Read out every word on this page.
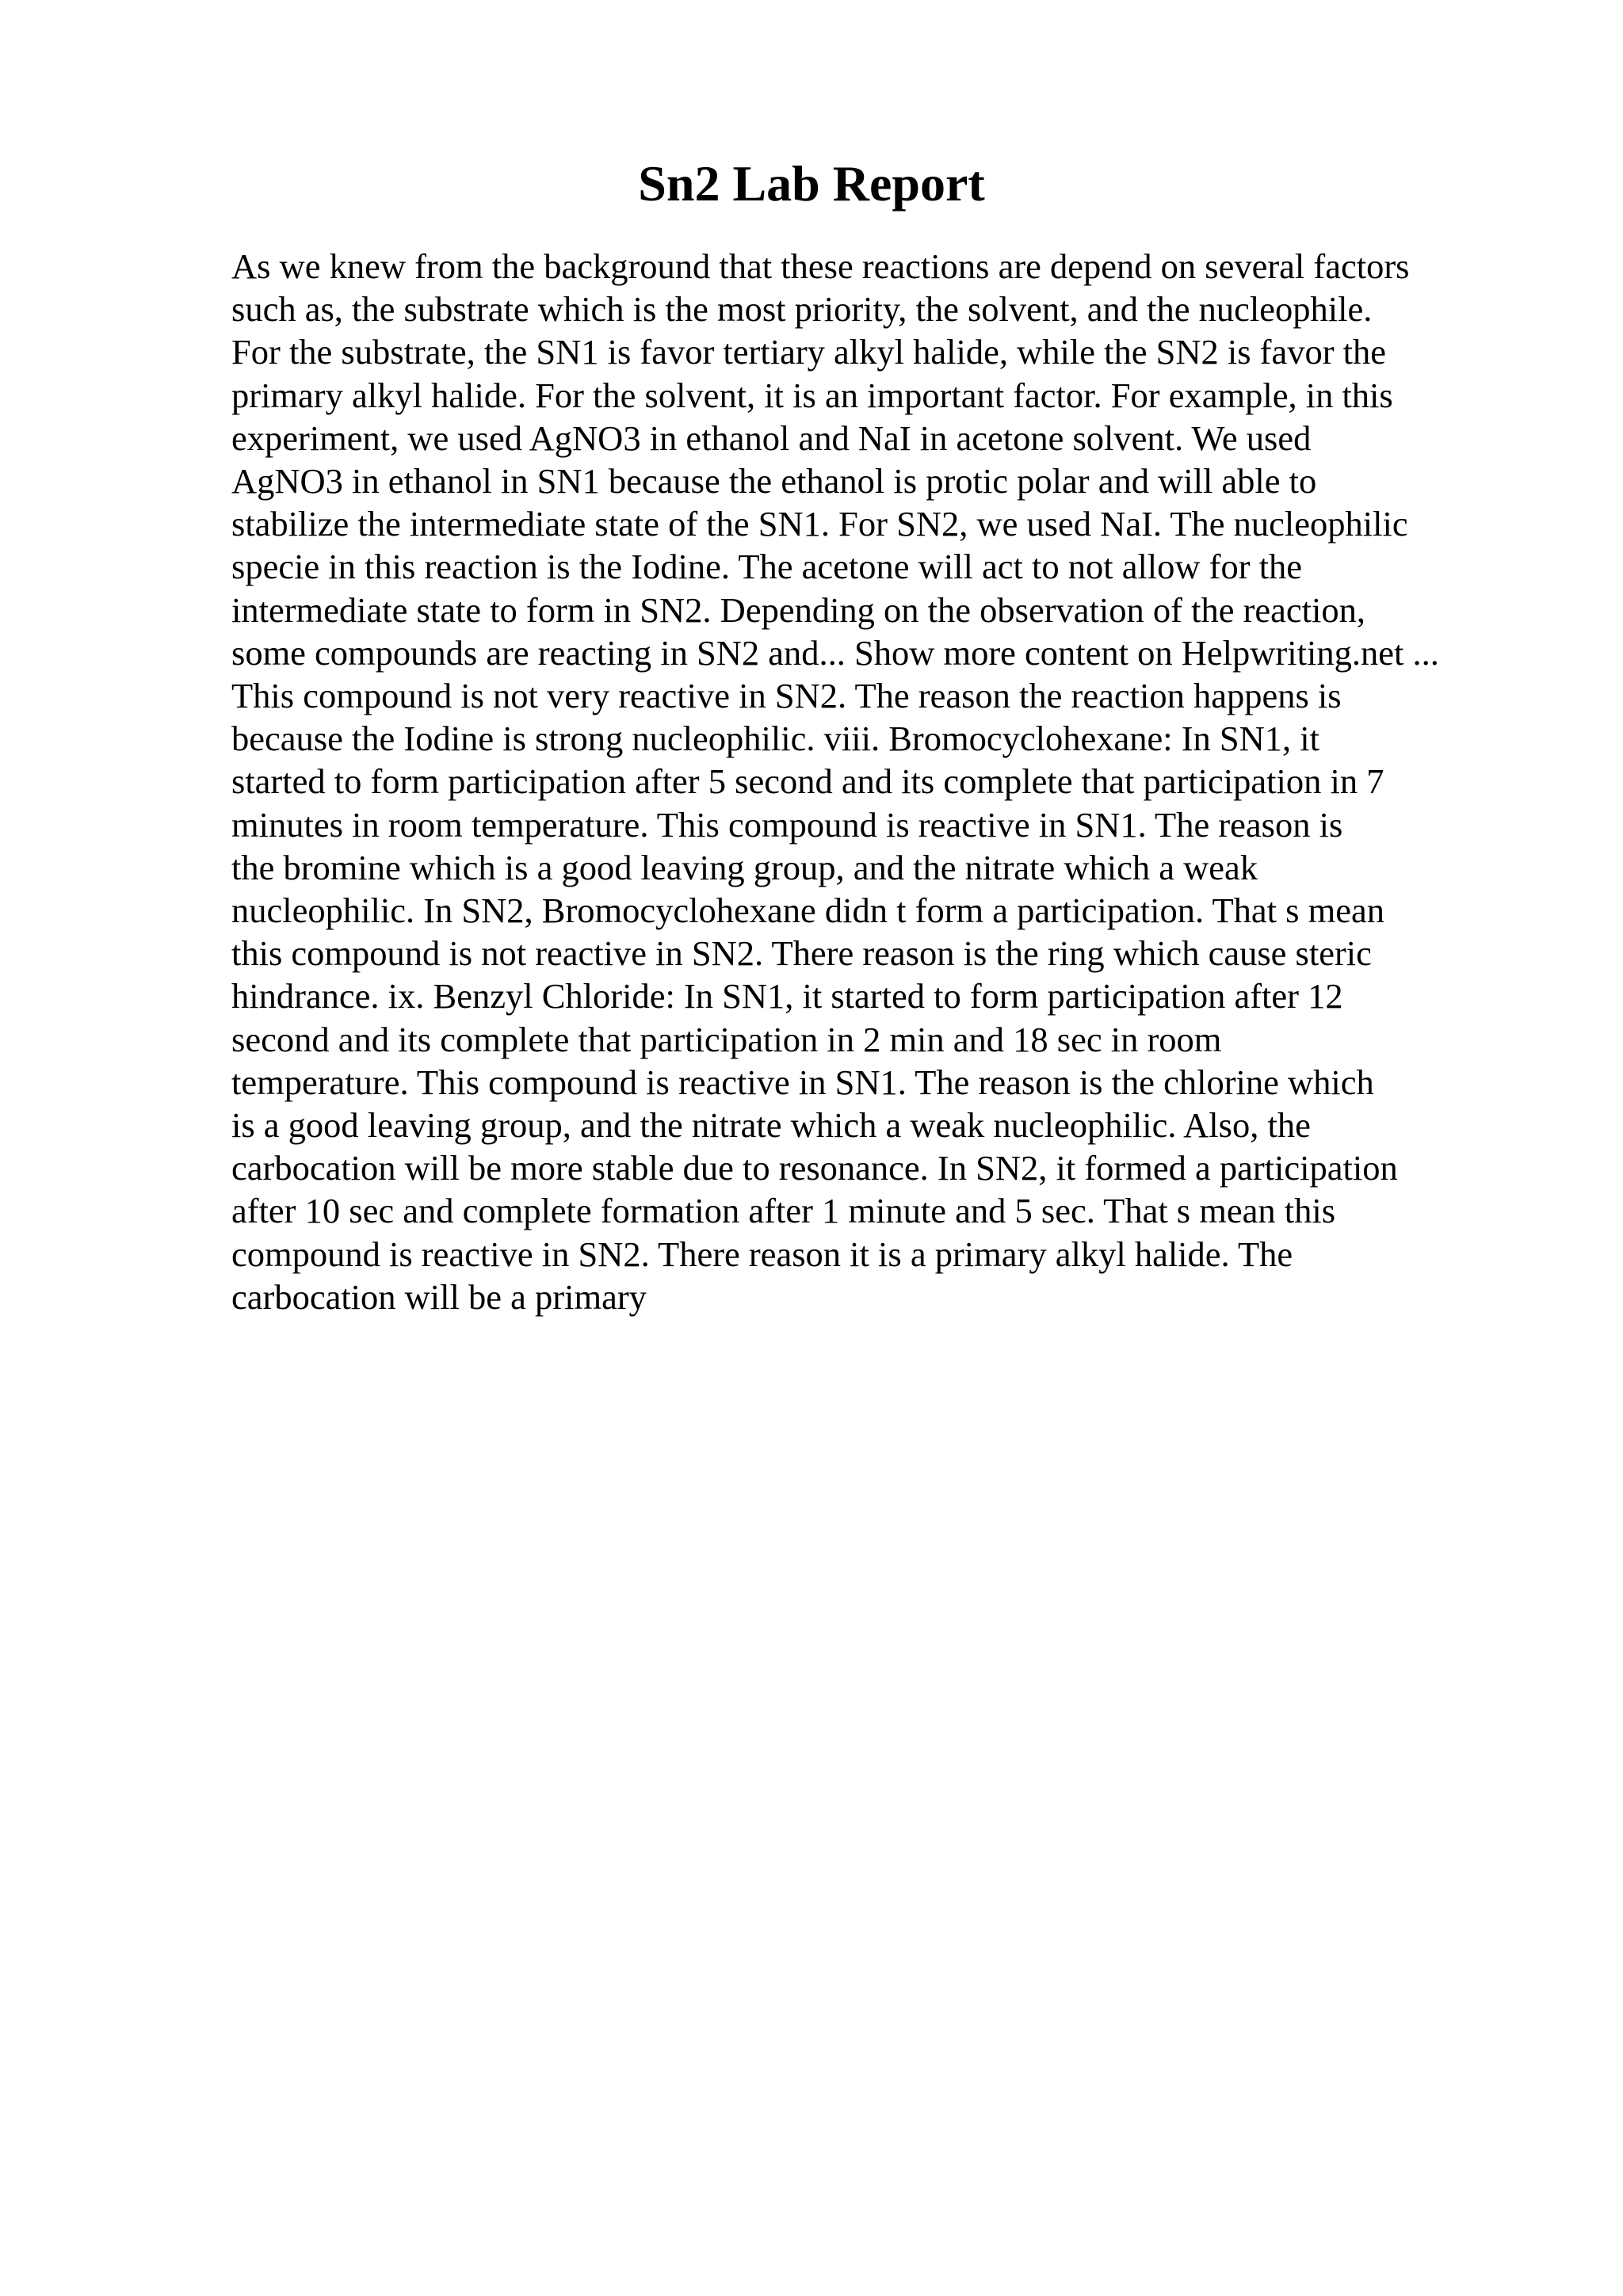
Sn2 Lab Report
As we knew from the background that these reactions are depend on several factors
such as, the substrate which is the most priority, the solvent, and the nucleophile.
For the substrate, the SN1 is favor tertiary alkyl halide, while the SN2 is favor the
primary alkyl halide. For the solvent, it is an important factor. For example, in this
experiment, we used AgNO3 in ethanol and NaI in acetone solvent. We used
AgNO3 in ethanol in SN1 because the ethanol is protic polar and will able to
stabilize the intermediate state of the SN1. For SN2, we used NaI. The nucleophilic
specie in this reaction is the Iodine. The acetone will act to not allow for the
intermediate state to form in SN2. Depending on the observation of the reaction,
some compounds are reacting in SN2 and... Show more content on Helpwriting.net ...
This compound is not very reactive in SN2. The reason the reaction happens is
because the Iodine is strong nucleophilic. viii. Bromocyclohexane: In SN1, it
started to form participation after 5 second and its complete that participation in 7
minutes in room temperature. This compound is reactive in SN1. The reason is
the bromine which is a good leaving group, and the nitrate which a weak
nucleophilic. In SN2, Bromocyclohexane didn t form a participation. That s mean
this compound is not reactive in SN2. There reason is the ring which cause steric
hindrance. ix. Benzyl Chloride: In SN1, it started to form participation after 12
second and its complete that participation in 2 min and 18 sec in room
temperature. This compound is reactive in SN1. The reason is the chlorine which
is a good leaving group, and the nitrate which a weak nucleophilic. Also, the
carbocation will be more stable due to resonance. In SN2, it formed a participation
after 10 sec and complete formation after 1 minute and 5 sec. That s mean this
compound is reactive in SN2. There reason it is a primary alkyl halide. The
carbocation will be a primary
